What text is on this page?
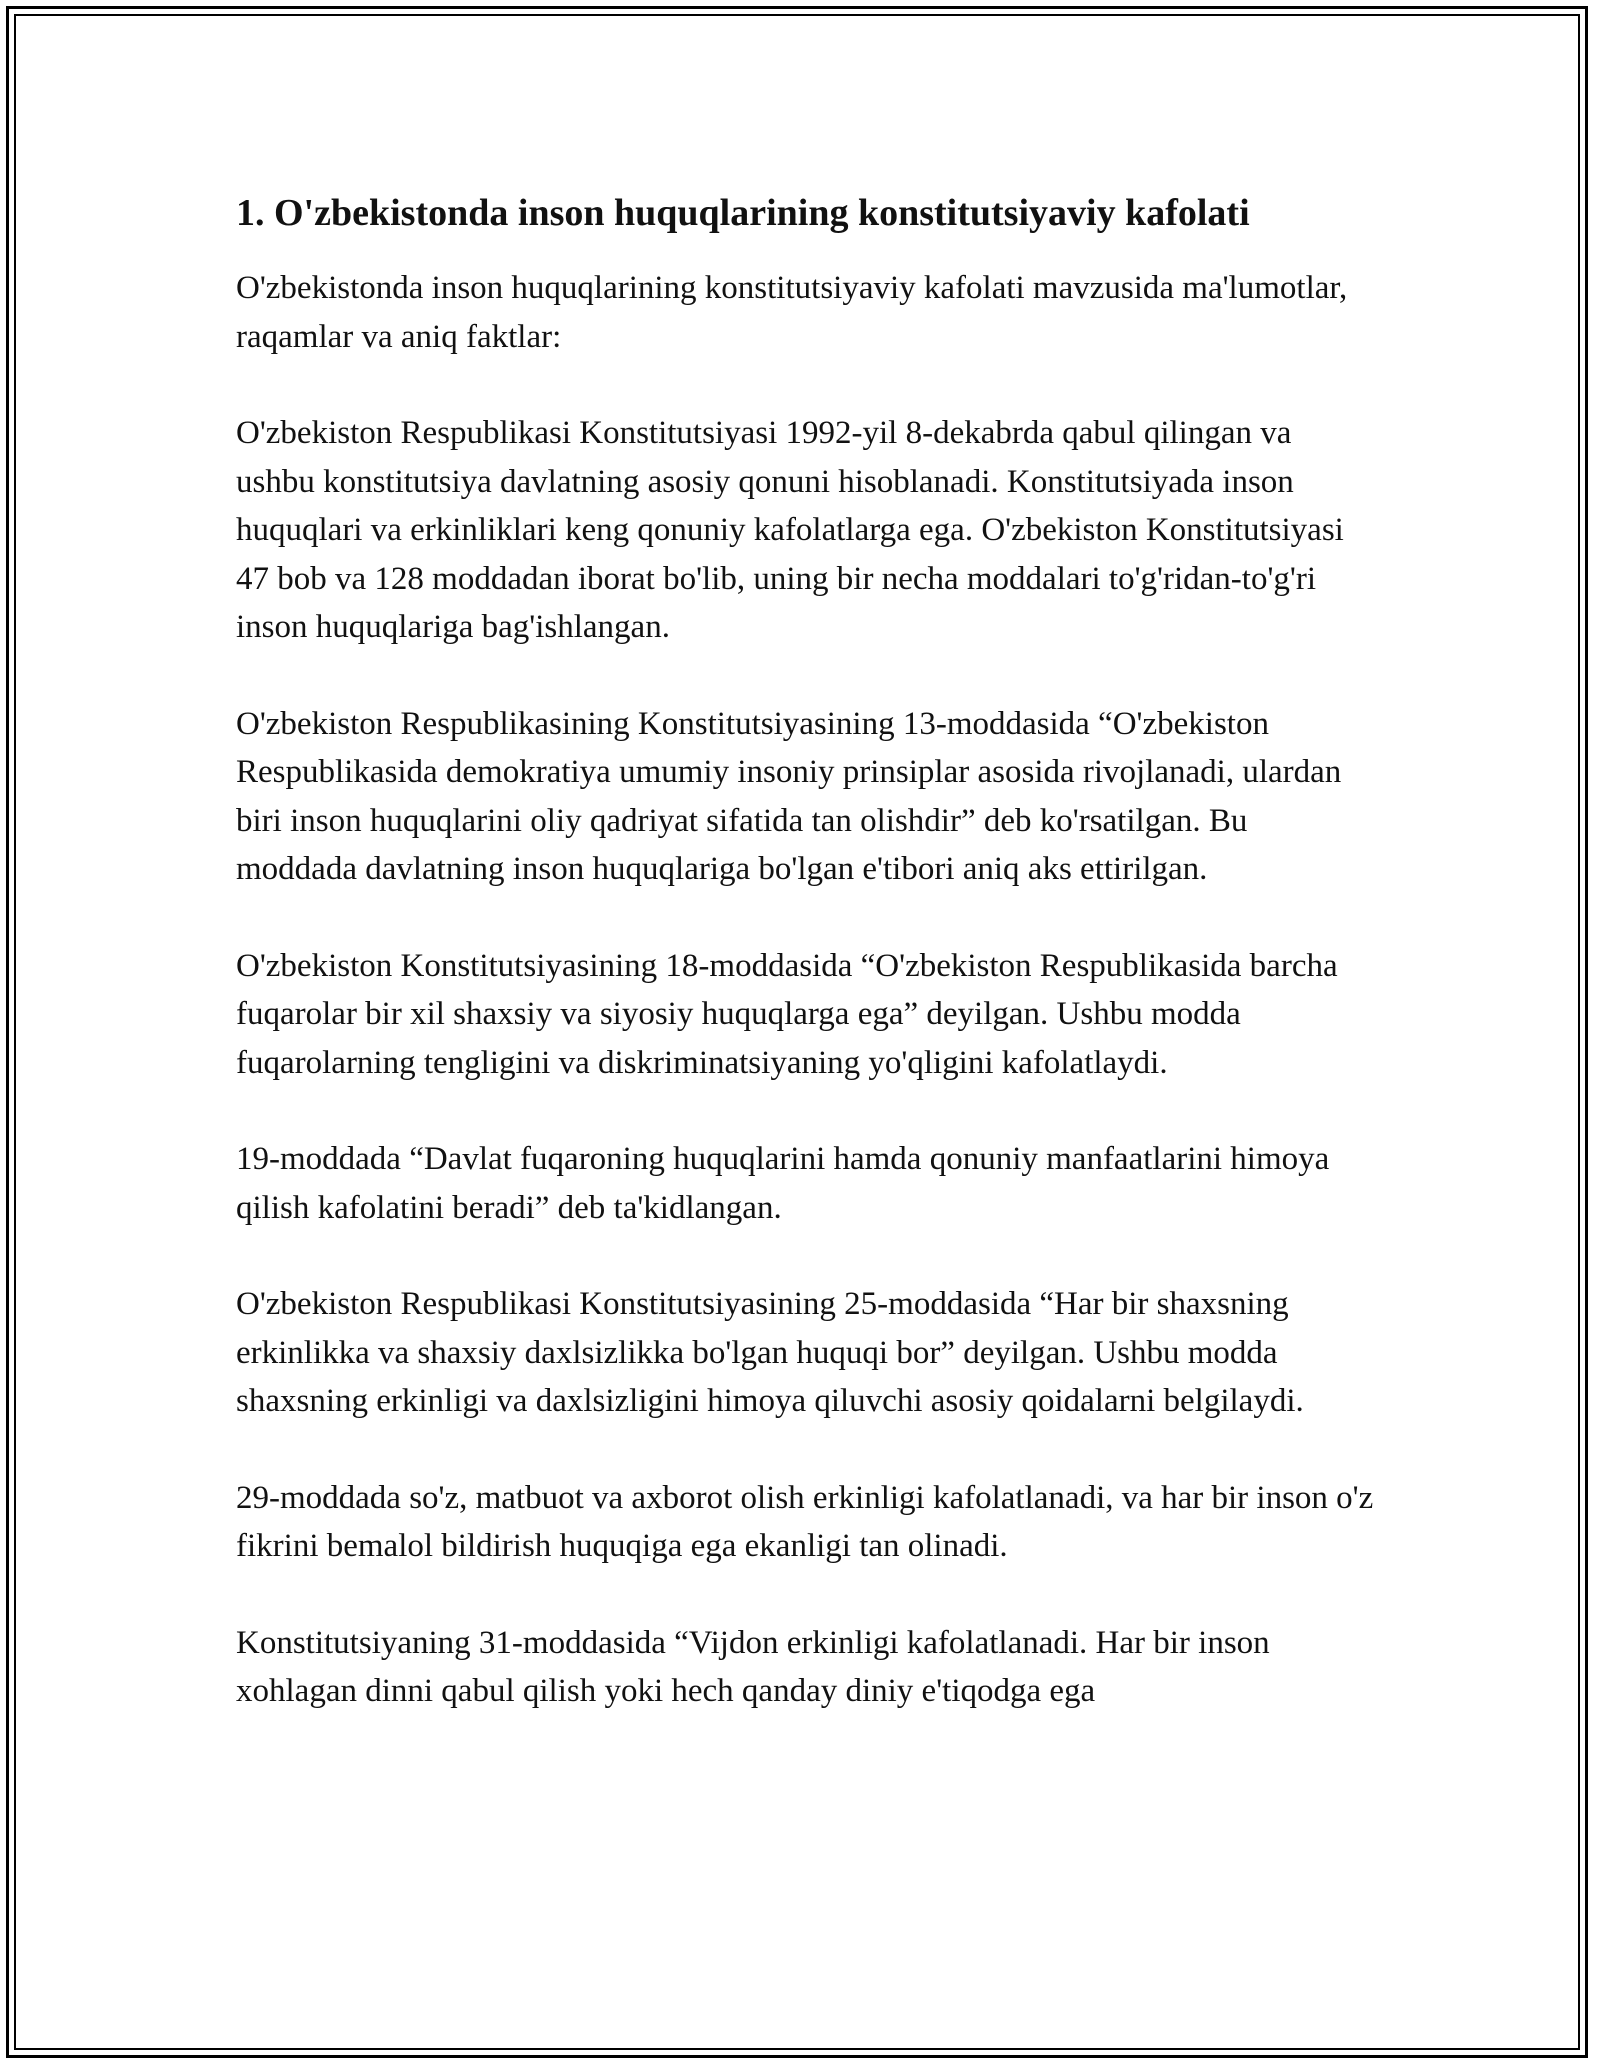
1. O'zbekistonda inson huquqlarining konstitutsiyaviy kafolati

O'zbekistonda inson huquqlarining konstitutsiyaviy kafolati mavzusida ma'lumotlar, raqamlar va aniq faktlar:

O'zbekiston Respublikasi Konstitutsiyasi 1992-yil 8-dekabrda qabul qilingan va ushbu konstitutsiya davlatning asosiy qonuni hisoblanadi. Konstitutsiyada inson huquqlari va erkinliklari keng qonuniy kafolatlarga ega. O'zbekiston Konstitutsiyasi 47 bob va 128 moddadan iborat bo'lib, uning bir necha moddalari to'g'ridan-to'g'ri inson huquqlariga bag'ishlangan.

O'zbekiston Respublikasining Konstitutsiyasining 13-moddasida “O'zbekiston Respublikasida demokratiya umumiy insoniy prinsiplar asosida rivojlanadi, ulardan biri inson huquqlarini oliy qadriyat sifatida tan olishdir” deb ko'rsatilgan. Bu moddada davlatning inson huquqlariga bo'lgan e'tibori aniq aks ettirilgan.

O'zbekiston Konstitutsiyasining 18-moddasida “O'zbekiston Respublikasida barcha fuqarolar bir xil shaxsiy va siyosiy huquqlarga ega” deyilgan. Ushbu modda fuqarolarning tengligini va diskriminatsiyaning yo'qligini kafolatlaydi.

19-moddada “Davlat fuqaroning huquqlarini hamda qonuniy manfaatlarini himoya qilish kafolatini beradi” deb ta'kidlangan.

O'zbekiston Respublikasi Konstitutsiyasining 25-moddasida “Har bir shaxsning erkinlikka va shaxsiy daxlsizlikka bo'lgan huquqi bor” deyilgan. Ushbu modda shaxsning erkinligi va daxlsizligini himoya qiluvchi asosiy qoidalarni belgilaydi.

29-moddada so'z, matbuot va axborot olish erkinligi kafolatlanadi, va har bir inson o'z fikrini bemalol bildirish huquqiga ega ekanligi tan olinadi.

Konstitutsiyaning 31-moddasida “Vijdon erkinligi kafolatlanadi. Har bir inson xohlagan dinni qabul qilish yoki hech qanday diniy e'tiqodga ega
